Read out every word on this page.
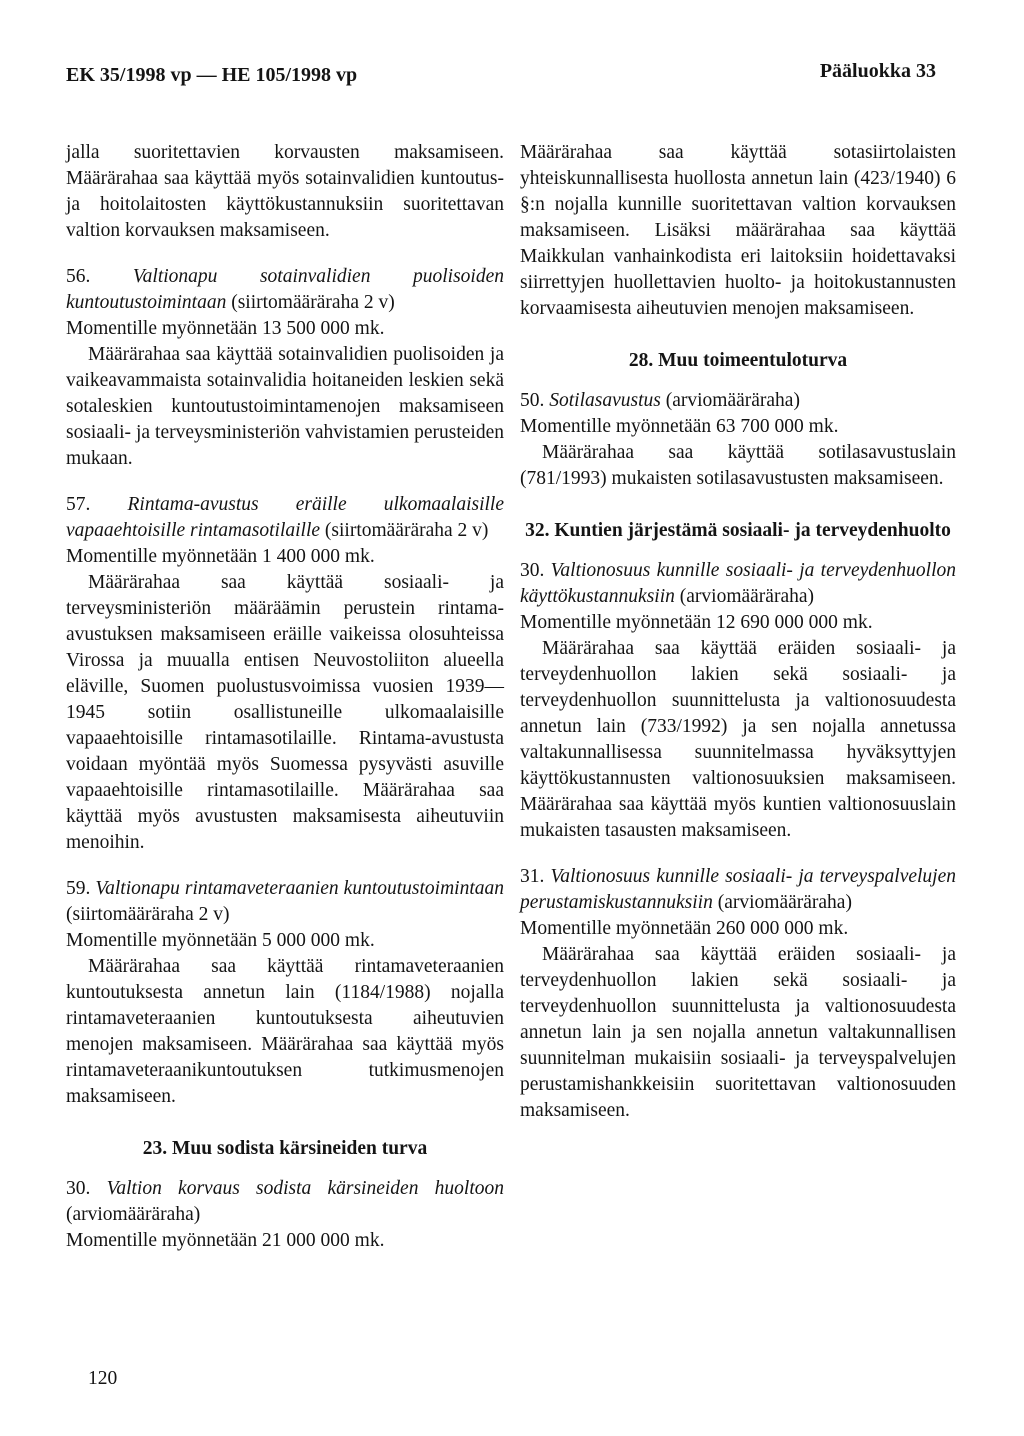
EK 35/1998 vp — HE 105/1998 vp	Pääluokka 33

jalla suoritettavien korvausten maksamiseen. Määrärahaa saa käyttää myös sotainvalidien kuntoutus- ja hoitolaitosten käyttökustannuksiin suoritettavan valtion korvauksen maksamiseen.

56. Valtionapu sotainvalidien puolisoiden kuntoutustoimintaan (siirtomääräraha 2 v)

Momentille myönnetään 13 500 000 mk.

Määrärahaa saa käyttää sotainvalidien puolisoiden ja vaikeavammaista sotainvalidia hoitaneiden leskien sekä sotaleskien kuntoutustoimintamenojen maksamiseen sosiaali- ja terveysministeriön vahvistamien perusteiden mukaan.

57. Rintama-avustus eräille ulkomaalaisille vapaaehtoisille rintamasotilaille (siirtomääräraha 2 v)

Momentille myönnetään 1 400 000 mk.

Määrärahaa saa käyttää sosiaali- ja terveysministeriön määräämin perustein rintama-avustuksen maksamiseen eräille vaikeissa olosuhteissa Virossa ja muualla entisen Neuvostoliiton alueella eläville, Suomen puolustusvoimissa vuosien 1939—1945 sotiin osallistuneille ulkomaalaisille vapaaehtoisille rintamasotilaille. Rintama-avustusta voidaan myöntää myös Suomessa pysyvästi asuville vapaaehtoisille rintamasotilaille. Määrärahaa saa käyttää myös avustusten maksamisesta aiheutuviin menoihin.

59. Valtionapu rintamaveteraanien kuntoutustoimintaan (siirtomääräraha 2 v)

Momentille myönnetään 5 000 000 mk.

Määrärahaa saa käyttää rintamaveteraanien kuntoutuksesta annetun lain (1184/1988) nojalla rintamaveteraanien kuntoutuksesta aiheutuvien menojen maksamiseen. Määrärahaa saa käyttää myös rintamaveteraanikuntoutuksen tutkimusmenojen maksamiseen.

23. Muu sodista kärsineiden turva

30. Valtion korvaus sodista kärsineiden huoltoon (arviomääräraha)

Momentille myönnetään 21 000 000 mk.

Määrärahaa saa käyttää sotasiirtolaisten yhteiskunnallisesta huollosta annetun lain (423/1940) 6 §:n nojalla kunnille suoritettavan valtion korvauksen maksamiseen. Lisäksi määrärahaa saa käyttää Maikkulan vanhainkodista eri laitoksiin hoidettavaksi siirrettyjen huollettavien huolto- ja hoitokustannusten korvaamisesta aiheutuvien menojen maksamiseen.

28. Muu toimeentuloturva

50. Sotilasavustus (arviomääräraha)

Momentille myönnetään 63 700 000 mk.

Määrärahaa saa käyttää sotilasavustuslain (781/1993) mukaisten sotilasavustusten maksamiseen.

32. Kuntien järjestämä sosiaali- ja terveydenhuolto

30. Valtionosuus kunnille sosiaali- ja terveydenhuollon käyttökustannuksiin (arviomääräraha)

Momentille myönnetään 12 690 000 000 mk.

Määrärahaa saa käyttää eräiden sosiaali- ja terveydenhuollon lakien sekä sosiaali- ja terveydenhuollon suunnittelusta ja valtionosuudesta annetun lain (733/1992) ja sen nojalla annetussa valtakunnallisessa suunnitelmassa hyväksyttyjen käyttökustannusten valtionosuuksien maksamiseen. Määrärahaa saa käyttää myös kuntien valtionosuuslain mukaisten tasausten maksamiseen.

31. Valtionosuus kunnille sosiaali- ja terveyspalvelujen perustamiskustannuksiin (arviomääräraha)

Momentille myönnetään 260 000 000 mk.

Määrärahaa saa käyttää eräiden sosiaali- ja terveydenhuollon lakien sekä sosiaali- ja terveydenhuollon suunnittelusta ja valtionosuudesta annetun lain ja sen nojalla annetun valtakunnallisen suunnitelman mukaisiin sosiaali- ja terveyspalvelujen perustamishankkeisiin suoritettavan valtionosuuden maksamiseen.

120
